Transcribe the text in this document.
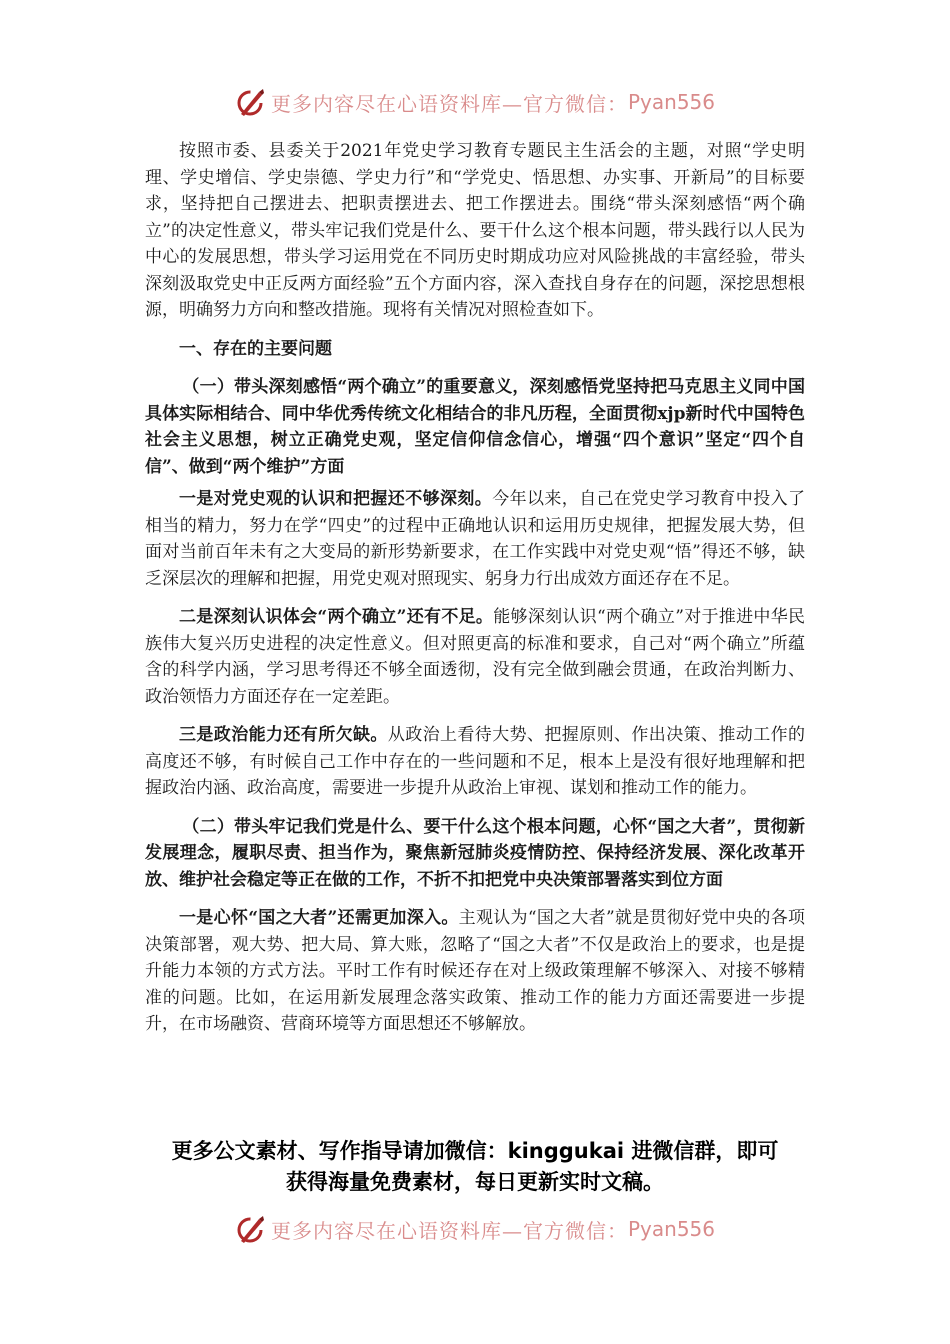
更多内容尽在心语资料库—官方微信： Pyan556

按照市委、县委关于2021年党史学习教育专题民主生活会的主题，对照“学史明理、学史增信、学史崇德、学史力行”和“学党史、悟思想、办实事、开新局”的目标要求，坚持把自己摆进去、把职责摆进去、把工作摆进去。围绕“带头深刻感悟“两个确立”的决定性意义，带头牢记我们党是什么、要干什么这个根本问题，带头践行以人民为中心的发展思想，带头学习运用党在不同历史时期成功应对风险挑战的丰富经验，带头深刻汲取党史中正反两方面经验”五个方面内容，深入查找自身存在的问题，深挖思想根源，明确努力方向和整改措施。现将有关情况对照检查如下。

一、存在的主要问题

（一）带头深刻感悟“两个确立”的重要意义，深刻感悟党坚持把马克思主义同中国具体实际相结合、同中华优秀传统文化相结合的非凡历程，全面贯彻xjp新时代中国特色社会主义思想，树立正确党史观，坚定信仰信念信心，增强“四个意识”坚定“四个自信”、做到“两个维护”方面

一是对党史观的认识和把握还不够深刻。今年以来，自己在党史学习教育中投入了相当的精力，努力在学“四史”的过程中正确地认识和运用历史规律，把握发展大势，但面对当前百年未有之大变局的新形势新要求，在工作实践中对党史观“悟”得还不够，缺乏深层次的理解和把握，用党史观对照现实、躬身力行出成效方面还存在不足。

二是深刻认识体会“两个确立”还有不足。能够深刻认识“两个确立”对于推进中华民族伟大复兴历史进程的决定性意义。但对照更高的标准和要求，自己对“两个确立”所蕴含的科学内涵，学习思考得还不够全面透彻，没有完全做到融会贯通，在政治判断力、政治领悟力方面还存在一定差距。

三是政治能力还有所欠缺。从政治上看待大势、把握原则、作出决策、推动工作的高度还不够，有时候自己工作中存在的一些问题和不足，根本上是没有很好地理解和把握政治内涵、政治高度，需要进一步提升从政治上审视、谋划和推动工作的能力。

（二）带头牢记我们党是什么、要干什么这个根本问题，心怀“国之大者”，贯彻新发展理念，履职尽责、担当作为，聚焦新冠肺炎疫情防控、保持经济发展、深化改革开放、维护社会稳定等正在做的工作，不折不扣把党中央决策部署落实到位方面

一是心怀“国之大者”还需更加深入。主观认为“国之大者”就是贯彻好党中央的各项决策部署，观大势、把大局、算大账，忽略了“国之大者”不仅是政治上的要求，也是提升能力本领的方式方法。平时工作有时候还存在对上级政策理解不够深入、对接不够精准的问题。比如，在运用新发展理念落实政策、推动工作的能力方面还需要进一步提升，在市场融资、营商环境等方面思想还不够解放。

更多公文素材、写作指导请加微信：kinggukai 进微信群，即可
获得海量免费素材，每日更新实时文稿。
更多内容尽在心语资料库—官方微信： Pyan556
